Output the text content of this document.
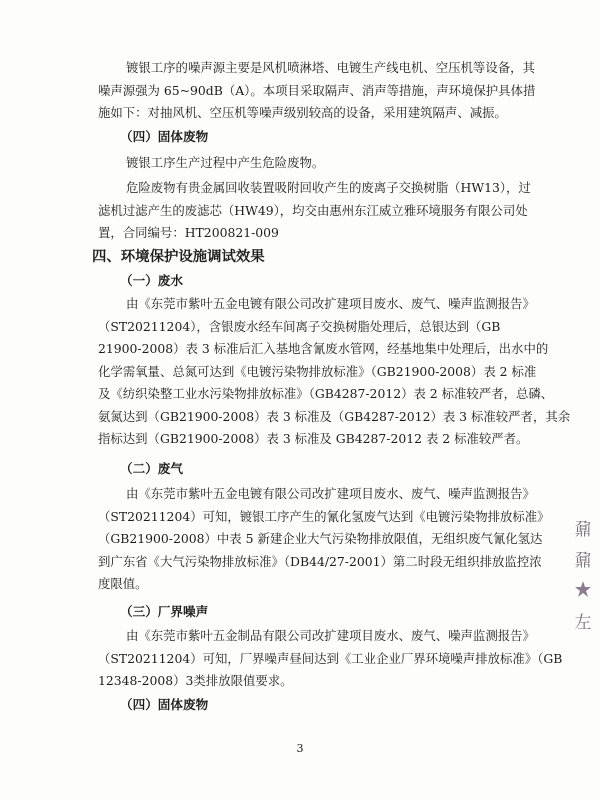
镀银工序的噪声源主要是风机喷淋塔、电镀生产线电机、空压机等设备，其
噪声源强为 65~90dB（A）。本项目采取隔声、消声等措施，声环境保护具体措
施如下：对抽风机、空压机等噪声级别较高的设备，采用建筑隔声、减振。
（四）固体废物
镀银工序生产过程中产生危险废物。
危险废物有贵金属回收装置吸附回收产生的废离子交换树脂（HW13），过
滤机过滤产生的废滤芯（HW49），均交由惠州东江威立雅环境服务有限公司处
置，合同编号：HT200821-009
四、环境保护设施调试效果
（一）废水
由《东莞市紫叶五金电镀有限公司改扩建项目废水、废气、噪声监测报告》
（ST20211204），含银废水经车间离子交换树脂处理后，总银达到（GB
21900-2008）表 3 标准后汇入基地含氰废水管网，经基地集中处理后，出水中的
化学需氧量、总氮可达到《电镀污染物排放标准》（GB21900-2008）表 2 标准
及《纺织染整工业水污染物排放标准》（GB4287-2012）表 2 标准较严者，总磷、
氨氮达到（GB21900-2008）表 3 标准及（GB4287-2012）表 3 标准较严者，其余
指标达到（GB21900-2008）表 3 标准及 GB4287-2012 表 2 标准较严者。
（二）废气
由《东莞市紫叶五金电镀有限公司改扩建项目废水、废气、噪声监测报告》
（ST20211204）可知，镀银工序产生的氰化氢废气达到《电镀污染物排放标准》
（GB21900-2008）中表 5 新建企业大气污染物排放限值，无组织废气氰化氢达
到广东省《大气污染物排放标准》（DB44/27-2001）第二时段无组织排放监控浓
度限值。
（三）厂界噪声
由《东莞市紫叶五金制品有限公司改扩建项目废水、废气、噪声监测报告》
（ST20211204）可知，厂界噪声昼间达到《工业企业厂界环境噪声排放标准》（GB
12348-2008）3类排放限值要求。
（四）固体废物
3
鼐
鼐
左
